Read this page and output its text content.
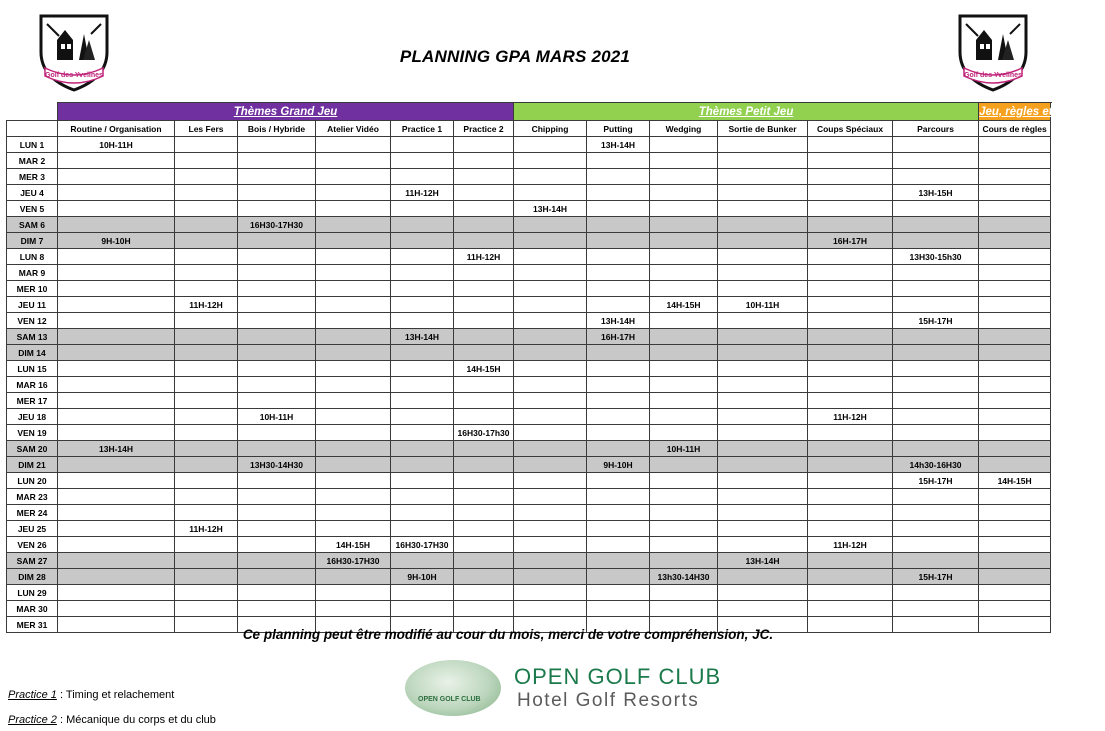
Golf des Yvelines	Golf des Yvelines
PLANNING GPA MARS 2021
	Thèmes Grand Jeu						Thèmes Petit Jeu						Jeu, règles et Etiquette
	Routine / Organisation	Les Fers	Bois / Hybride	Atelier Vidéo	Practice 1	Practice 2	Chipping	Putting	Wedging	Sortie de Bunker	Coups Spéciaux	Parcours	Cours de règles
LUN 1	10H-11H							13H-14H					
MAR 2													
MER 3													
JEU 4					11H-12H							13H-15H	
VEN 5							13H-14H						
SAM 6			16H30-17H30										
DIM 7	9H-10H										16H-17H		
LUN 8						11H-12H						13H30-15h30	
MAR 9													
MER 10													
JEU 11		11H-12H							14H-15H	10H-11H			
VEN 12								13H-14H				15H-17H	
SAM 13					13H-14H			16H-17H					
DIM 14													
LUN 15						14H-15H							
MAR 16													
MER 17													
JEU 18			10H-11H								11H-12H		
VEN 19						16H30-17h30							
SAM 20	13H-14H								10H-11H				
DIM 21			13H30-14H30					9H-10H				14h30-16H30	
LUN 20												15H-17H	14H-15H
MAR 23													
MER 24													
JEU 25		11H-12H											
VEN 26				14H-15H	16H30-17H30						11H-12H		
SAM 27				16H30-17H30						13H-14H			
DIM 28					9H-10H				13h30-14H30			15H-17H	
LUN 29													
MAR 30													
MER 31													
Ce planning peut être modifié au cour du mois, merci de votre compréhension, JC.
OPEN GOLF CLUB
OPEN GOLF CLUB
Hotel Golf Resorts
Practice 1 : Timing et relachement
Practice 2 : Mécanique du corps et du club
